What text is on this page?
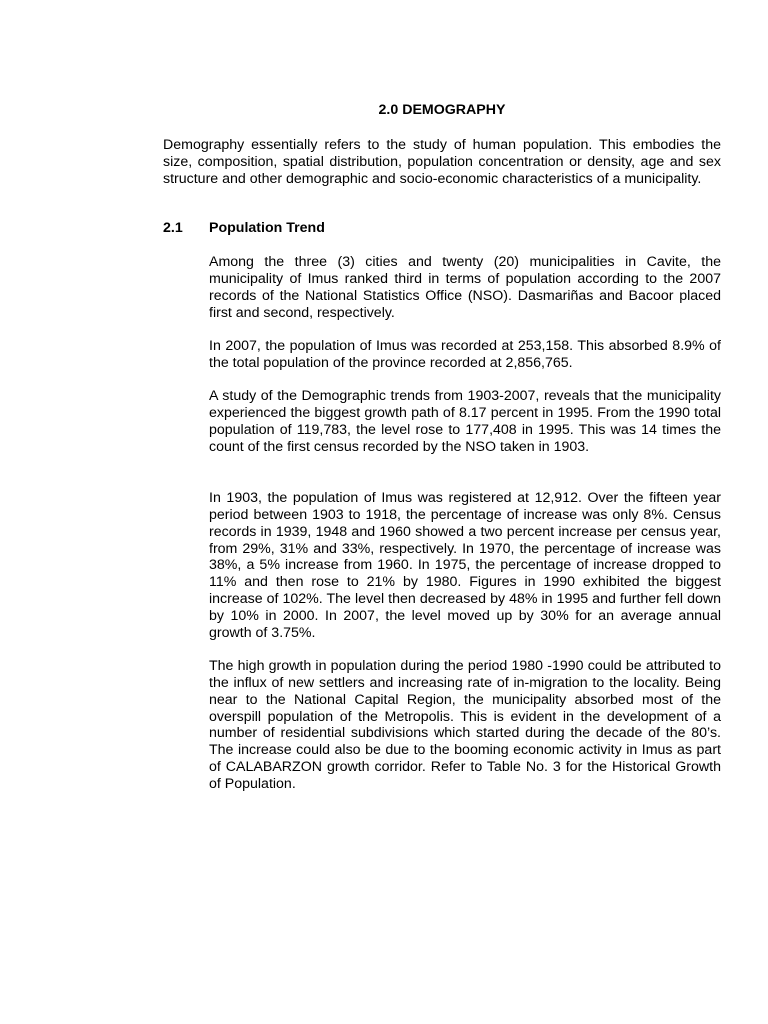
2.0 DEMOGRAPHY

Demography essentially refers to the study of human population. This embodies the size, composition, spatial distribution, population concentration or density, age and sex structure and other demographic and socio-economic characteristics of a municipality.

2.1 Population Trend

Among the three (3) cities and twenty (20) municipalities in Cavite, the municipality of Imus ranked third in terms of population according to the 2007 records of the National Statistics Office (NSO). Dasmariñas and Bacoor placed first and second, respectively.

In 2007, the population of Imus was recorded at 253,158. This absorbed 8.9% of the total population of the province recorded at 2,856,765.

A study of the Demographic trends from 1903-2007, reveals that the municipality experienced the biggest growth path of 8.17 percent in 1995. From the 1990 total population of 119,783, the level rose to 177,408 in 1995. This was 14 times the count of the first census recorded by the NSO taken in 1903.

In 1903, the population of Imus was registered at 12,912. Over the fifteen year period between 1903 to 1918, the percentage of increase was only 8%. Census records in 1939, 1948 and 1960 showed a two percent increase per census year, from 29%, 31% and 33%, respectively. In 1970, the percentage of increase was 38%, a 5% increase from 1960. In 1975, the percentage of increase dropped to 11% and then rose to 21% by 1980. Figures in 1990 exhibited the biggest increase of 102%. The level then decreased by 48% in 1995 and further fell down by 10% in 2000. In 2007, the level moved up by 30% for an average annual growth of 3.75%.

The high growth in population during the period 1980 -1990 could be attributed to the influx of new settlers and increasing rate of in-migration to the locality. Being near to the National Capital Region, the municipality absorbed most of the overspill population of the Metropolis. This is evident in the development of a number of residential subdivisions which started during the decade of the 80’s. The increase could also be due to the booming economic activity in Imus as part of CALABARZON growth corridor. Refer to Table No. 3 for the Historical Growth of Population.
